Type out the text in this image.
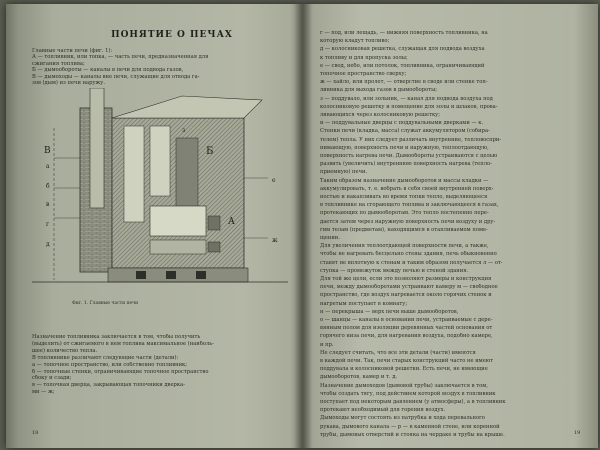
ПОНЯТИЕ О ПЕЧАХ
Главные части печи (фиг. 1):
А — топливник, или топка, — часть печи, предназначенная для
сжигания топлива;
Б — дымообороты — каналы в печи для подвода газов,
В — дымоходы — каналы вне печи, служащие для отвода га-
зов (дым) из печи наружу.
В
а
б
в
г
д
е
ж
з
Б
А
Фиг. 1. Главные части печи
Назначение топливника заключается в том, чтобы получить
(выделить) от сжигаемого в нем топлива максимальное (наиболь-
шее) количество тепла.
В топливнике различают следующие части (детали):
а — топочное пространство, или собственно топливник;
б — топочные стенки, ограничивающие топочное пространство
сбоку и сзади;
в — топочная дверца, закрывающая топочники дверка-
ми — ж;
18
г — под, или лещадь, — нижняя поверхность топливника, на
которую кладут топливо;
д — колосниковая решетка, служащая для подвода воздуха
к топливу и для пропуска золы;
е — свод, небо, или потолок, топливника, ограничивающий
топочное пространство сверху;
ж — хайло, или пролет, — отверстие в своде или стенке топ-
ливника для выхода газов в дымообороты;
з — поддувало, или зольник, — канал для подвода воздуха под
колосниковую решетку и помещение для золы и шлаков, прова-
ливающихся через колосниковую решетку;
и — поддувальные дверцы с поддувальными дверками — к.
Стенки печи (кладка, масса) служат аккумулятором (собира-
телем) тепла. У них следует различать внутренние, тепловоспри-
нимающую, поверхность печи и наружную, теплоотдающую,
поверхность нагрева печи. Дымообороты устраиваются с целью
развить (увеличить) внутреннюю поверхность нагрева (тепло-
приемную) печи.
Таким образом назначение дымооборотов и массы кладки —
аккумулировать, т. е. вобрать в себя своей внутренней поверх-
ностью и накапливать во время топки тепло, выделяющееся
в топливнике на сгорающего топлива и заключающееся в газах,
протекающих по дымооборотам. Это тепло постепенно пере-
дается затем через наружную поверхность печи воздуху и дру-
гим телам (предметам), находящимся в отапливаемом поме-
щении.
Для увеличения теплоотдающей поверхности печи, а также,
чтобы не нагревать бесцельно стены здания, печь обыкновенно
ставят не вплотную к стенам и таким образом получается л — от-
ступка — промежуток между печью и стеной здания.
Для той же цели, если это позволяют размеры и конструкция
печи, между дымооборотами устраивают камеру м — свободное
пространство, где воздух нагревается около горячих стенок и
нагретым поступает в комнату;
н — перекрыша — верх печи выше дымооборотов,
о — шанцы — каналы в основании печи, устраиваемые с дере-
вянным полом для изоляции деревянных частей основания от
горячего низа печи, для нагревания воздуха, подобно камере,
и пр.
Не следует считать, что все эти детали (части) имеются
в каждой печи. Так, печи старых конструкций часто не имеют
поддувала и колосниковой решетки. Есть печи, не имеющие
дымооборотов, камер и т. д.
Назначение дымоходов (дымовой трубы) заключается в том,
чтобы создать тягу, под действием которой воздух в топливник
поступает под некоторым давлением (у атмосферы), а в топливник
протекают необходимый для горения воздух.
Дымоходы могут состоять из патрубка и хода перевального
рукава, дымового канала — р — в каменной стене, или коренной
трубы, дымовых отверстий и стояка на чердаке и трубы на крыше.	19
